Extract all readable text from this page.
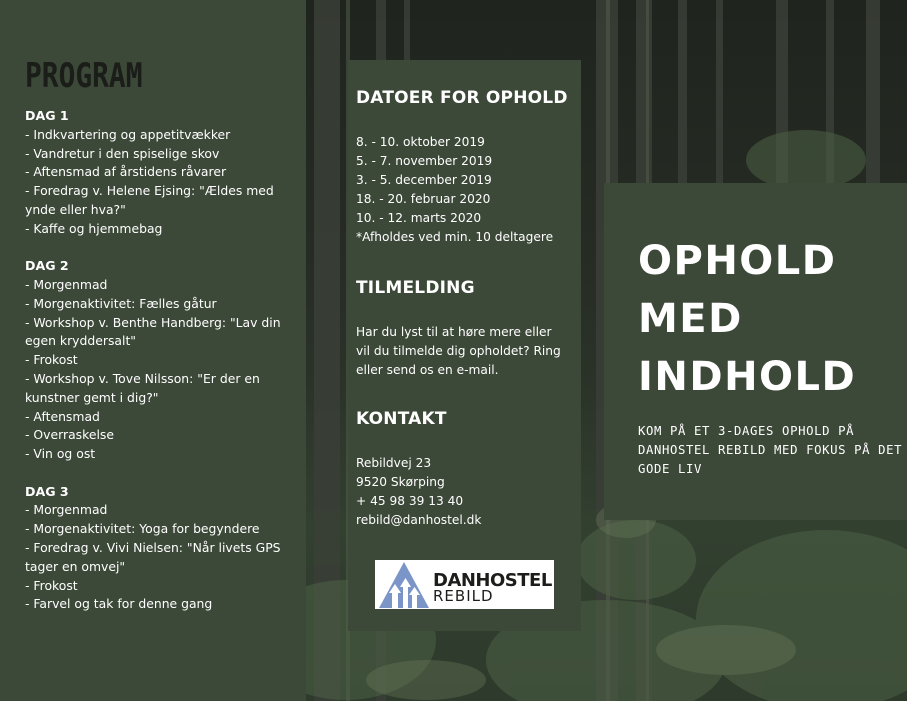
PROGRAM
DAG 1
- Indkvartering og appetitvækker
- Vandretur i den spiselige skov
- Aftensmad af årstidens råvarer
- Foredrag v. Helene Ejsing: "Ældes med ynde eller hva?"
- Kaffe og hjemmebag
DAG 2
- Morgenmad
- Morgenaktivitet: Fælles gåtur
- Workshop v. Benthe Handberg: "Lav din egen kryddersalt"
- Frokost
- Workshop v. Tove Nilsson: "Er der en kunstner gemt i dig?"
- Aftensmad
- Overraskelse
- Vin og ost
DAG 3
- Morgenmad
- Morgenaktivitet: Yoga for begyndere
- Foredrag v. Vivi Nielsen: "Når livets GPS tager en omvej"
- Frokost
- Farvel og tak for denne gang
DATOER FOR OPHOLD
8. - 10. oktober 2019
5. - 7. november 2019
3. - 5. december 2019
18. - 20. februar 2020
10. - 12. marts 2020
*Afholdes ved min. 10 deltagere
TILMELDING
Har du lyst til at høre mere eller vil du tilmelde dig opholdet? Ring eller send os en e-mail.
KONTAKT
Rebildvej 23
9520 Skørping
+ 45 98 39 13 40
rebild@danhostel.dk
DANHOSTEL
REBILD
OPHOLD
MED
INDHOLD
KOM PÅ ET 3-DAGES OPHOLD PÅ DANHOSTEL REBILD MED FOKUS PÅ DET GODE LIV
